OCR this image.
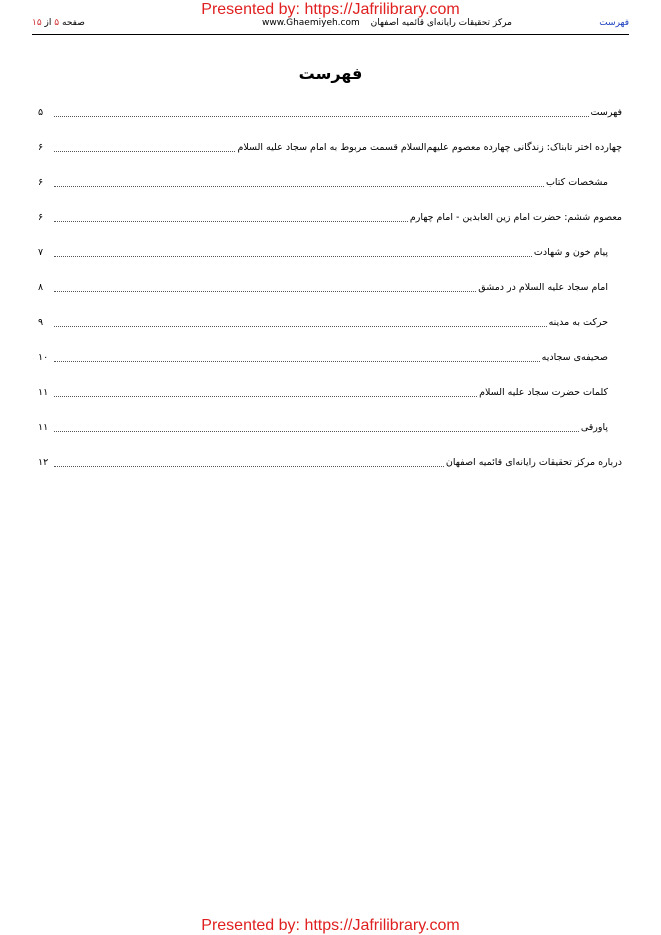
Presented by: https://Jafrilibrary.com
صفحه ۵ از ۱۵	www.Ghaemiyeh.com مرکز تحقیقات رایانه‌ای قائمیه اصفهان	فهرست
فهرست
۵	فهرست
۶	چهارده اختر تابناک: زندگانی چهارده معصوم علیهم‌السلام قسمت مربوط به امام سجاد علیه السلام
۶	مشخصات کتاب
۶	معصوم ششم: حضرت امام زین العابدین - امام چهارم
۷	پیام خون و شهادت
۸	امام سجاد علیه السلام در دمشق
۹	حرکت به مدینه
۱۰	صحیفه‌ی سجادیه
۱۱	کلمات حضرت سجاد علیه السلام
۱۱	پاورقی
۱۲	درباره مرکز تحقیقات رایانه‌ای قائمیه اصفهان
Presented by: https://Jafrilibrary.com
